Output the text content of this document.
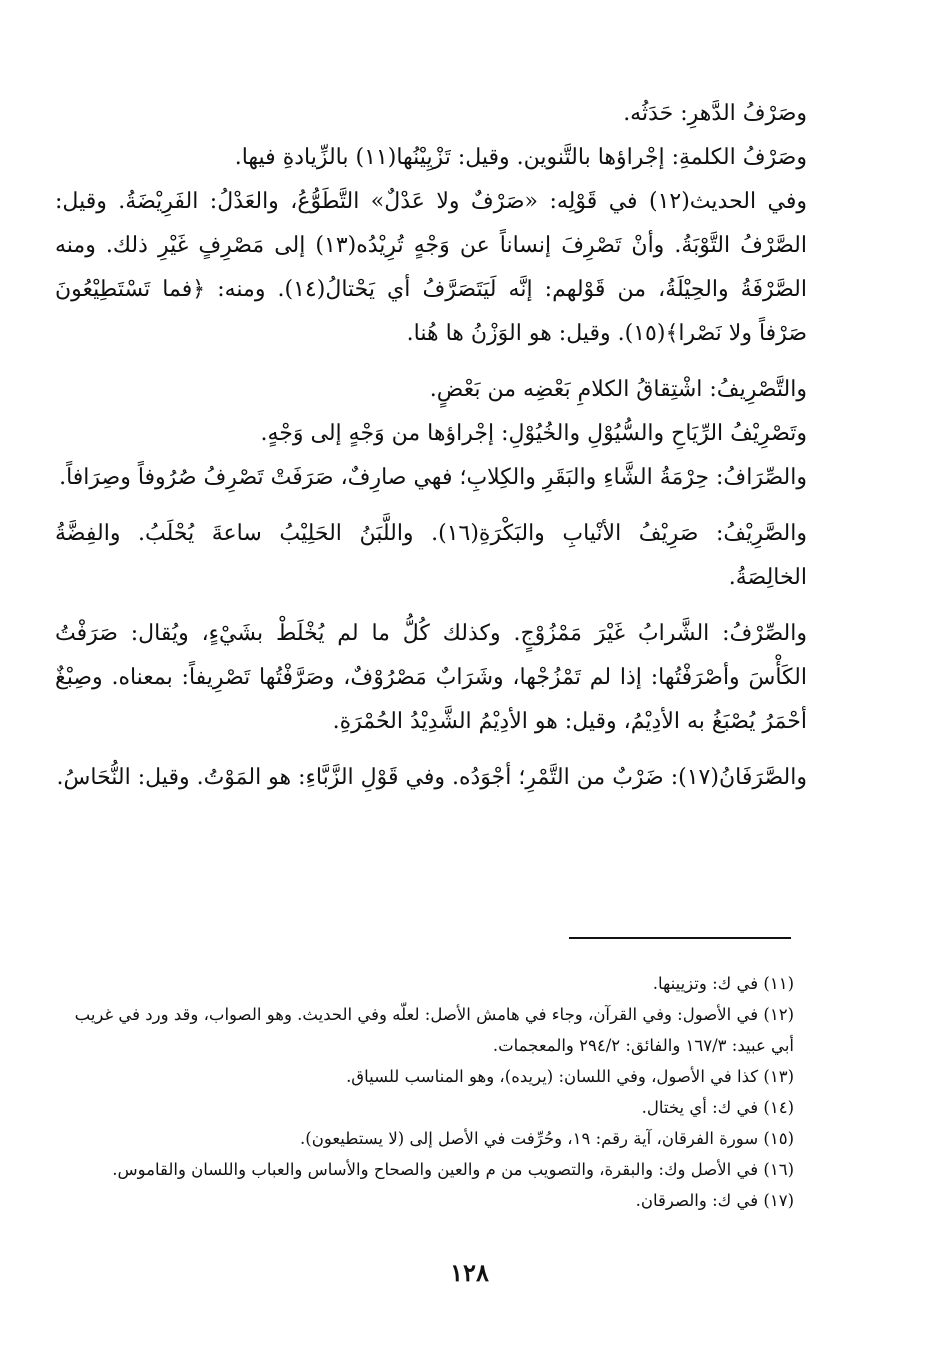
وصَرْفُ الدَّهرِ: حَدَثُه.

وصَرْفُ الكلمةِ: إجْراؤها بالتَّنوين. وقيل: تَزْيِيْنُها(١١) بالزِّيادةِ فيها.

وفي الحديث(١٢) في قَوْلِه: «صَرْفٌ ولا عَدْلٌ» التَّطَوُّعُ، والعَدْلُ: الفَرِيْضَةُ. وقيل: الصَّرْفُ التَّوْبَةُ. وأنْ تَصْرِفَ إنساناً عن وَجْهٍ تُرِيْدُه(١٣) إلى مَصْرِفٍ غَيْرِ ذلك. ومنه الصَّرْفَةُ والحِيْلَةُ، من قَوْلهم: إنَّه لَيَتَصَرَّفُ أي يَحْتالُ(١٤). ومنه: ﴿فما تَسْتَطِيْعُونَ صَرْفاً ولا نَصْرا﴾(١٥). وقيل: هو الوَزْنُ ها هُنا.

والتَّصْرِيفُ: اشْتِقاقُ الكلامِ بَعْضِه من بَعْضٍ.

وتَصْرِيْفُ الرِّيَاحِ والسُّيُوْلِ والخُيُوْلِ: إجْراؤها من وَجْهٍ إلى وَجْهٍ.

والصِّرَافُ: حِرْمَةُ الشَّاءِ والبَقَرِ والكِلابِ؛ فهي صارِفٌ، صَرَفَتْ تَصْرِفُ صُرُوفاً وصِرَافاً.

والصَّرِيْفُ: صَرِيْفُ الأنْيابِ والبَكْرَةِ(١٦). واللَّبَنُ الحَلِيْبُ ساعةَ يُحْلَبُ. والفِضَّةُ الخالِصَةُ.

والصِّرْفُ: الشَّرابُ غَيْرَ مَمْزُوْجٍ. وكذلك كُلُّ ما لم يُخْلَطْ بشَيْءٍ، ويُقال: صَرَفْتُ الكَأْسَ وأصْرَفْتُها: إذا لم تَمْزُجْها، وشَرَابٌ مَصْرُوْفٌ، وصَرَّفْتُها تَصْرِيفاً: بمعناه. وصِبْغٌ أحْمَرُ يُصْبَغُ به الأدِيْمُ، وقيل: هو الأدِيْمُ الشَّدِيْدُ الحُمْرَةِ.

والصَّرَفَانُ(١٧): ضَرْبٌ من التَّمْرِ؛ أجْوَدُه. وفي قَوْلِ الزَّبَّاءِ: هو المَوْتُ. وقيل: النُّحَاسُ.

(١١) في ك: وتزيينها.

(١٢) في الأصول: وفي القرآن، وجاء في هامش الأصل: لعلّه وفي الحديث. وهو الصواب، وقد ورد في غريب أبي عبيد: ١٦٧/٣ والفائق: ٢٩٤/٢ والمعجمات.

(١٣) كذا في الأصول، وفي اللسان: (يريده)، وهو المناسب للسياق.

(١٤) في ك: أي يختال.

(١٥) سورة الفرقان، آية رقم: ١٩، وحُرِّفت في الأصل إلى (لا يستطيعون).

(١٦) في الأصل وك: والبقرة، والتصويب من م والعين والصحاح والأساس والعباب واللسان والقاموس.

(١٧) في ك: والصرقان.

١٢٨
